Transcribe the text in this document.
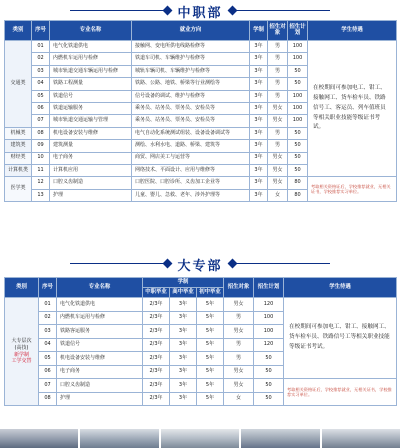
中职部
类别	序号	专业名称	就业方向	学制	招生对象	招生计划	学生待遇
交通类	01	电气化铁道供电	接触网、变电所供电线路检修等	3年	男	100	在校期间可参加电工、钳工、接触网工、货车检车员、铁路信号工、客运员、列车值班员等相关职业技能等级证书考试。
	02	内燃机车运用与检修	铁道车司机、车辆维护与检修等	3年	男	100	
	03	城市轨道交通车辆运用与检修	城轨车辆司机、车辆维护与检修等	3年	男	50	
	04	铁路工程测量	铁路、公路、地铁、桥梁等行业测绘等	3年	男	50	
	05	铁道信号	信号设备的调试、维护与检修等	3年	男	100	
	06	铁道运输服务	乘务员、站务员、票务员、安检员等	3年	男女	100	
	07	城市轨道交通运输与管理	乘务员、站务员、票务员、安检员等	3年	男女	100	
机械类	08	机电设备安装与维修	电气自动化系统测试组装、设备设备调试等	3年	男	50	
建筑类	09	建筑测量	测绘、水利水电、道路、桥梁、建筑等	3年	男	50	
财经类	10	电子商务	商贸、网店美工与运营等	3年	男女	50	
计算机类	11	计算机应用	网络技术、平面设计、应用与维修等	3年	男女	50	
医学类	12	口腔义齿制造	口腔医院、口腔诊所、义齿加工企业等	3年	男女	80	考取相关资格证后，学校推荐就业，无相关证书，学校推荐实习单位。
	13	护理	儿童、婴儿、急救、老年、涉外护理等	3年	女	80	
大专部
类别	序号	专业名称	学制			招生对象	招生计划	学生待遇
			中职毕业	高中毕业	初中毕业			

大专层次
(高技)
新学制
工学交替	01	电气化铁道供电	2/3年	3年	5年	男女	120	在校期间可参加电工、钳工、接触网工、货车检车员、铁路信号工等相关职业技能等级证书考试。
	02	内燃机车运用与检修	2/3年	3年	5年	男	100	
	03	铁路客运服务	2/3年	3年	5年	男女	100	
	04	铁道信号	2/3年	3年	5年	男	120	
	05	机电设备安装与维修	2/3年	3年	5年	男	50	
	06	电子商务	2/3年	3年	5年	男女	50	
	07	口腔义齿制造	2/3年	3年	5年	男女	50	考取相关资格证后，学校推荐就业，无相关证书，学校推荐实习单位。
	08	护理	2/3年	3年	5年	女	50	
